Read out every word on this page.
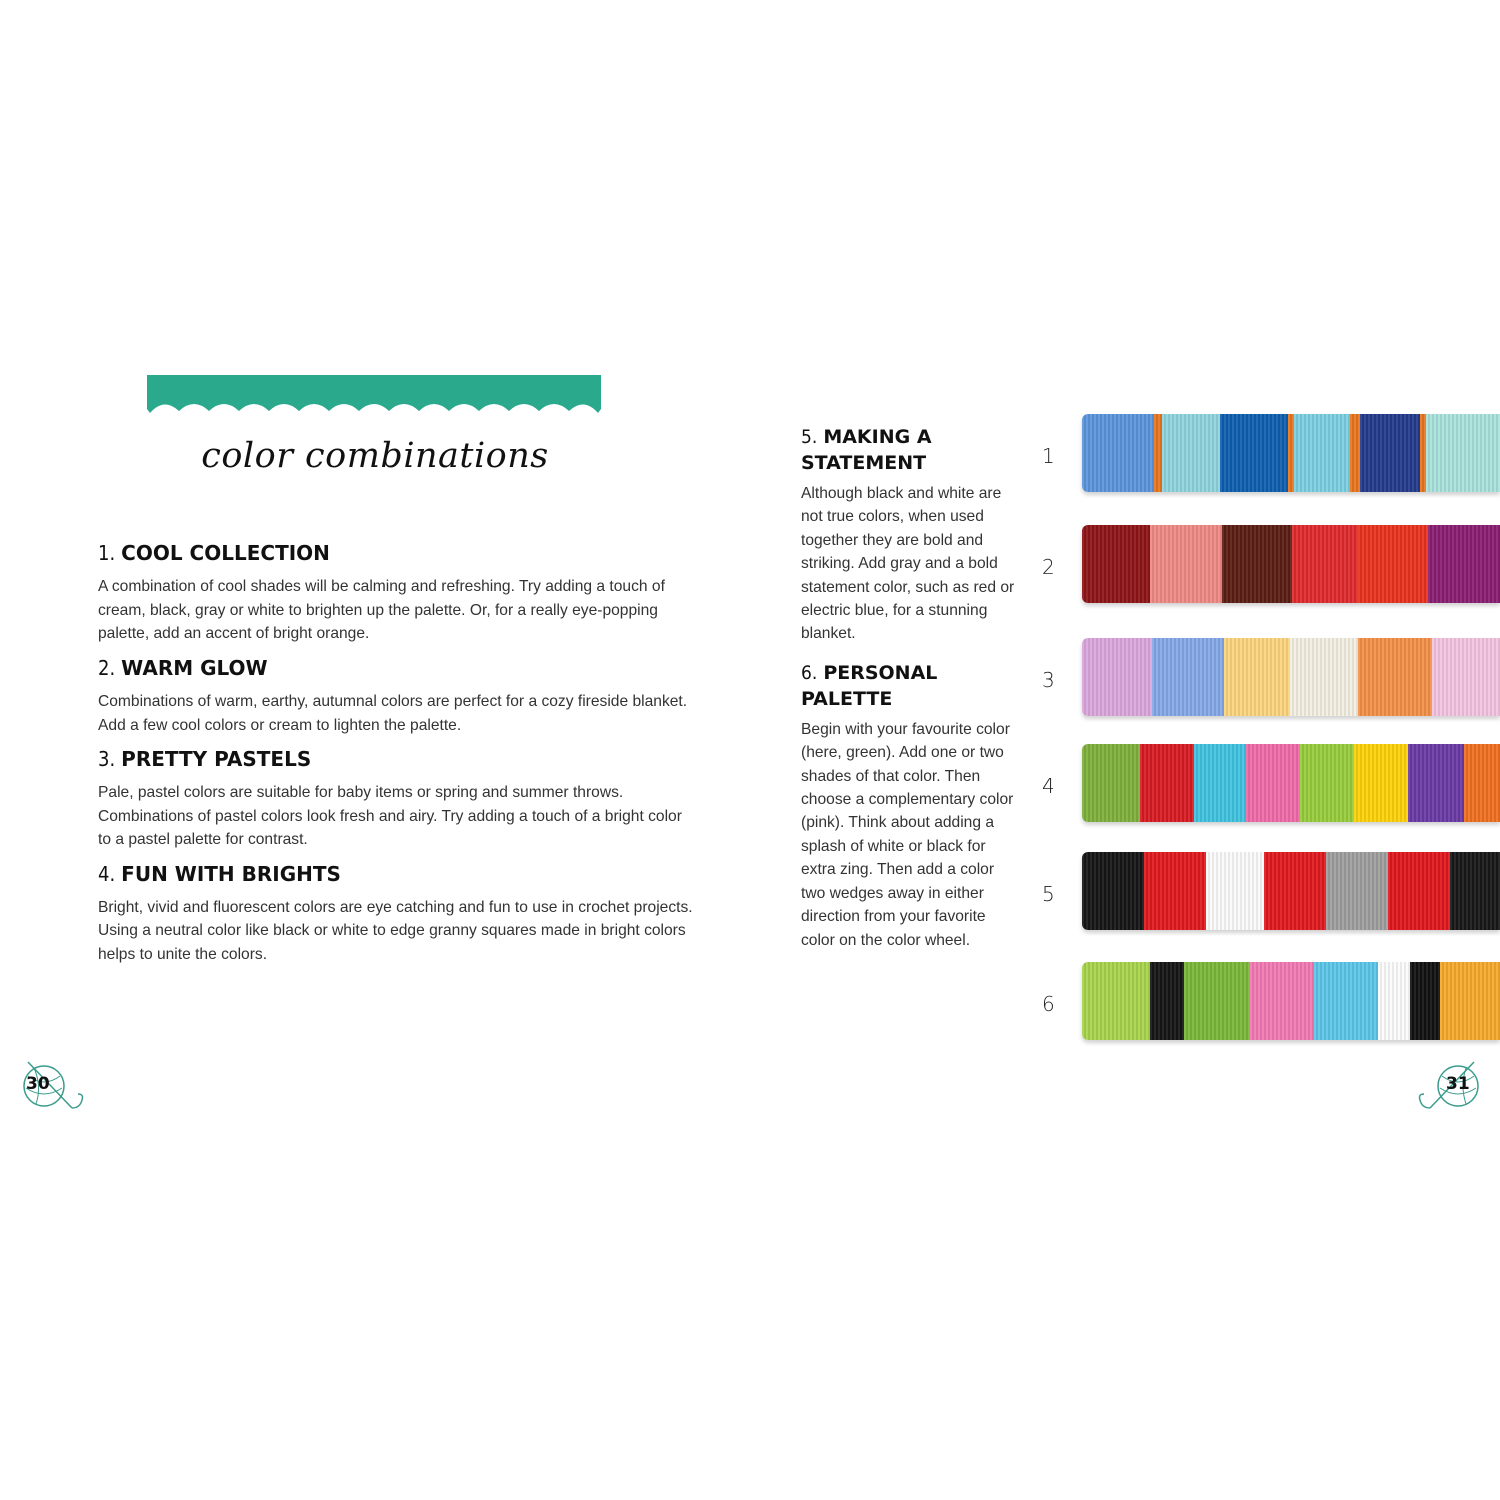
color combinations
1. COOL COLLECTION

A combination of cool shades will be calming and refreshing. Try adding a touch of cream, black, gray or white to brighten up the palette. Or, for a really eye-popping palette, add an accent of bright orange.

2. WARM GLOW

Combinations of warm, earthy, autumnal colors are perfect for a cozy fireside blanket. Add a few cool colors or cream to lighten the palette.

3. PRETTY PASTELS

Pale, pastel colors are suitable for baby items or spring and summer throws. Combinations of pastel colors look fresh and airy. Try adding a touch of a bright color to a pastel palette for contrast.

4. FUN WITH BRIGHTS

Bright, vivid and fluorescent colors are eye catching and fun to use in crochet projects. Using a neutral color like black or white to edge granny squares made in bright colors helps to unite the colors.

5. MAKING A
STATEMENT

Although black and white are not true colors, when used together they are bold and striking. Add gray and a bold statement color, such as red or electric blue, for a stunning blanket.

6. PERSONAL
PALETTE

Begin with your favourite color (here, green). Add one or two shades of that color. Then choose a complementary color (pink). Think about adding a splash of white or black for extra zing. Then add a color two wedges away in either direction from your favorite color on the color wheel.

1
2
3
4
5
6
30	31
